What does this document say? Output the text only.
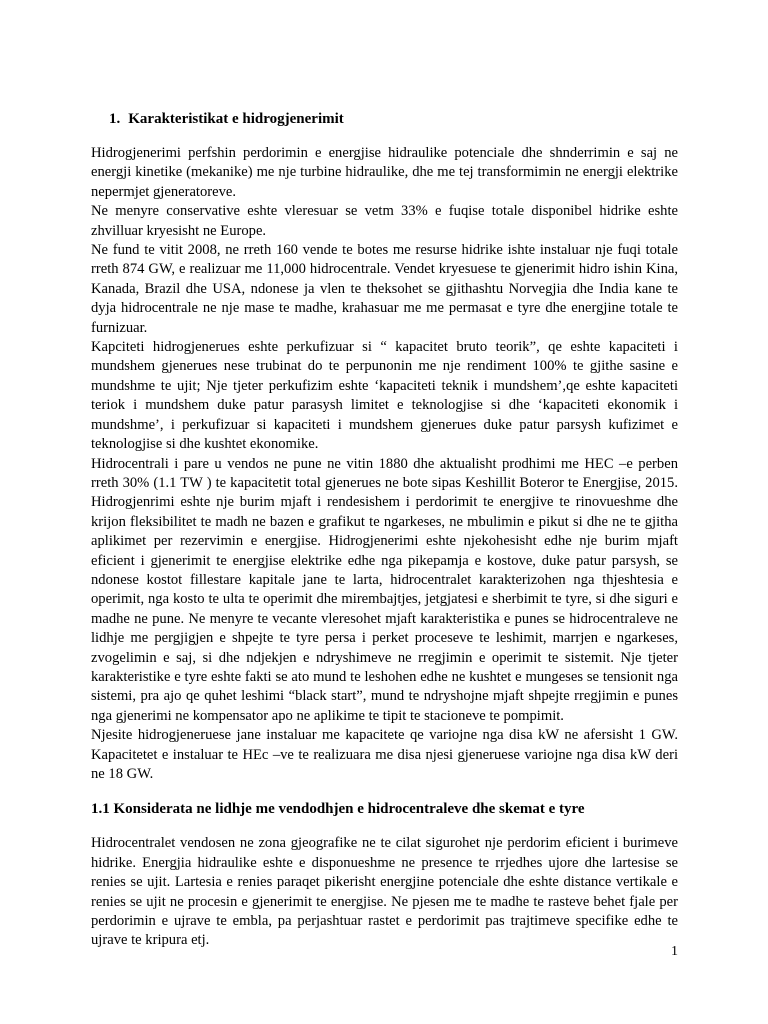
1. Karakteristikat e hidrogjenerimit

Hidrogjenerimi perfshin perdorimin e energjise hidraulike potenciale dhe shnderrimin e saj ne energji kinetike (mekanike) me nje turbine hidraulike, dhe me tej transformimin ne energji elektrike nepermjet gjeneratoreve.

Ne menyre conservative eshte vleresuar se vetm 33% e fuqise totale disponibel hidrike eshte zhvilluar kryesisht ne Europe.

Ne fund te vitit 2008, ne rreth 160 vende te botes me resurse hidrike ishte instaluar nje fuqi totale rreth 874 GW, e realizuar me 11,000 hidrocentrale. Vendet kryesuese te gjenerimit hidro ishin Kina, Kanada, Brazil dhe USA, ndonese ja vlen te theksohet se gjithashtu Norvegjia dhe India kane te dyja hidrocentrale ne nje mase te madhe, krahasuar me me permasat e tyre dhe energjine totale te furnizuar.

Kapciteti hidrogjenerues eshte perkufizuar si “ kapacitet bruto teorik”, qe eshte kapaciteti i mundshem gjenerues nese trubinat do te perpunonin me nje rendiment 100% te gjithe sasine e mundshme te ujit; Nje tjeter perkufizim eshte ‘kapaciteti teknik i mundshem’,qe eshte kapaciteti teriok i mundshem duke patur parasysh limitet e teknologjise si dhe ‘kapaciteti ekonomik i mundshme’, i perkufizuar si kapaciteti i mundshem gjenerues duke patur parsysh kufizimet e teknologjise si dhe kushtet ekonomike.

Hidrocentrali i pare u vendos ne pune ne vitin 1880 dhe aktualisht prodhimi me HEC –e perben rreth 30% (1.1 TW ) te kapacitetit total gjenerues ne bote sipas Keshillit Boteror te Energjise, 2015. Hidrogjenrimi eshte nje burim mjaft i rendesishem i perdorimit te energjive te rinovueshme dhe krijon fleksibilitet te madh ne bazen e grafikut te ngarkeses, ne mbulimin e pikut si dhe ne te gjitha aplikimet per rezervimin e energjise. Hidrogjenerimi eshte njekohesisht edhe nje burim mjaft eficient i gjenerimit te energjise elektrike edhe nga pikepamja e kostove, duke patur parsysh, se ndonese kostot fillestare kapitale jane te larta, hidrocentralet karakterizohen nga thjeshtesia e operimit, nga kosto te ulta te operimit dhe mirembajtjes, jetgjatesi e sherbimit te tyre, si dhe siguri e madhe ne pune. Ne menyre te vecante vleresohet mjaft karakteristika e punes se hidrocentraleve ne lidhje me pergjigjen e shpejte te tyre persa i perket proceseve te leshimit, marrjen e ngarkeses, zvogelimin e saj, si dhe ndjekjen e ndryshimeve ne rregjimin e operimit te sistemit. Nje tjeter karakteristike e tyre eshte fakti se ato mund te leshohen edhe ne kushtet e mungeses se tensionit nga sistemi, pra ajo qe quhet leshimi “black start”, mund te ndryshojne mjaft shpejte rregjimin e punes nga gjenerimi ne kompensator apo ne aplikime te tipit te stacioneve te pompimit.

Njesite hidrogjeneruese jane instaluar me kapacitete qe variojne nga disa kW ne afersisht 1 GW. Kapacitetet e instaluar te HEc –ve te realizuara me disa njesi gjeneruese variojne nga disa kW deri ne 18 GW.

1.1 Konsiderata ne lidhje me vendodhjen e hidrocentraleve dhe skemat e tyre

Hidrocentralet vendosen ne zona gjeografike ne te cilat sigurohet nje perdorim eficient i burimeve hidrike. Energjia hidraulike eshte e disponueshme ne presence te rrjedhes ujore dhe lartesise se renies se ujit. Lartesia e renies paraqet pikerisht energjine potenciale dhe eshte distance vertikale e renies se ujit ne procesin e gjenerimit te energjise. Ne pjesen me te madhe te rasteve behet fjale per perdorimin e ujrave te embla, pa perjashtuar rastet e perdorimit pas trajtimeve specifike edhe te ujrave te kripura etj.

1
